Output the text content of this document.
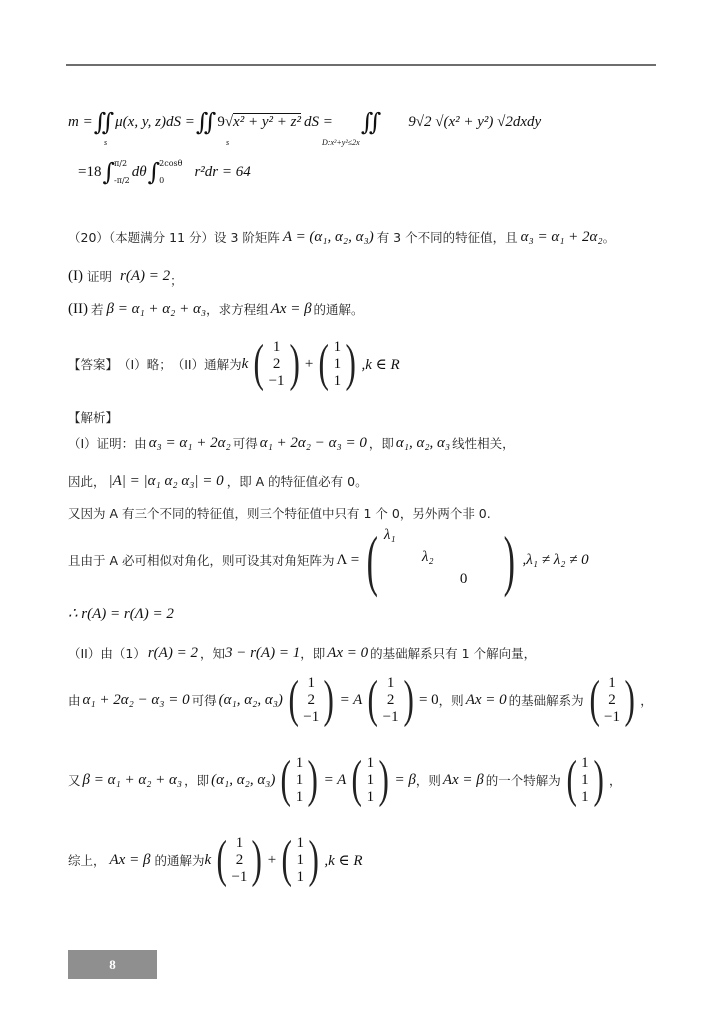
m = ∬ μ(x, y, z)dS = ∬ 9 √ x² + y² + z² dS = ∬ 9√2 √(x² + y²) √2dxdy
s	s	D:x²+y²≤2x
=18 ∫ π/2
-π/2
dθ ∫ 2cosθ
0
r²dr = 64
（20）（本题满分 11 分）设 3 阶矩阵 A = (α₁, α₂, α₃) 有 3 个不同的特征值，且 α₃ = α₁ + 2α₂ 。
(I) 证明 r(A) = 2 ；
(II) 若 β = α₁ + α₂ + α₃ ，求方程组 Ax = β 的通解。
【答案】 （I）略； （II）通解为 k ( 1
2
−1 ) + ( 1
1
1 ) ,k ∈ R
【解析】
（I）证明：由 α₃ = α₁ + 2α₂ 可得 α₁ + 2α₂ − α₃ = 0 ，即 α₁, α₂, α₃ 线性相关，
因此， |A| = |α₁ α₂ α₃| = 0 ，即 A 的特征值必有 0。
又因为 A 有三个不同的特征值，则三个特征值中只有 1 个 0，另外两个非 0.
且由于 A 必可相似对角化，则可设其对角矩阵为 Λ = ( λ₁
λ₂
0 ) ,λ₁ ≠ λ₂ ≠ 0
∴ r(A) = r(Λ) = 2
（II）由（1） r(A) = 2 ，知 3 − r(A) = 1 ，即 Ax = 0 的基础解系只有 1 个解向量，
由 α₁ + 2α₂ − α₃ = 0 可得 (α₁, α₂, α₃) ( 1
2
−1 ) = A ( 1
2
−1 ) = 0 ，则 Ax = 0 的基础解系为 ( 1
2
−1 ) ，
又 β = α₁ + α₂ + α₃ ，即 (α₁, α₂, α₃) ( 1
1
1 ) = A ( 1
1
1 ) = β ，则 Ax = β 的一个特解为 ( 1
1
1 ) ，
综上， Ax = β 的通解为 k ( 1
2
−1 ) + ( 1
1
1 ) ,k ∈ R
8
